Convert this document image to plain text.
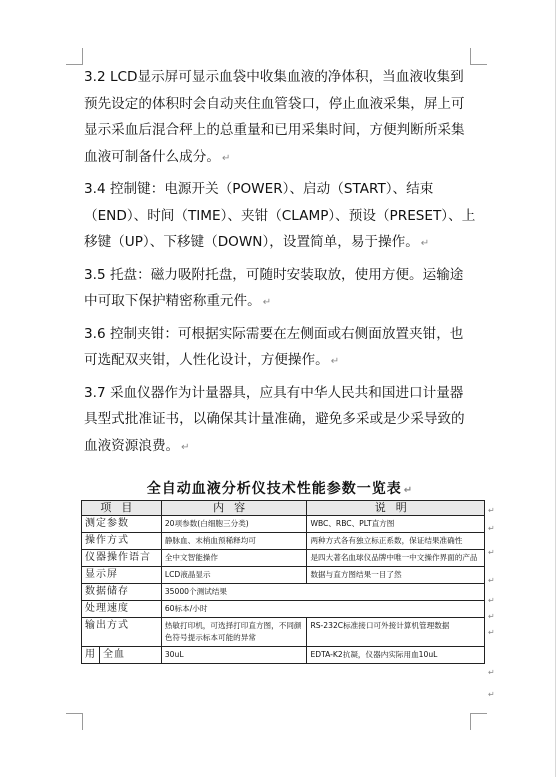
3.2 LCD显示屏可显示血袋中收集血液的净体积，当血液收集到预先设定的体积时会自动夹住血管袋口，停止血液采集，屏上可显示采血后混合秤上的总重量和已用采集时间，方便判断所采集血液可制备什么成分。 ↵

3.4 控制键：电源开关（POWER）、启动（START）、结束（END）、时间（TIME）、夹钳（CLAMP）、预设（PRESET）、上移键（UP）、下移键（DOWN），设置简单，易于操作。 ↵

3.5 托盘：磁力吸附托盘，可随时安装取放，使用方便。运输途中可取下保护精密称重元件。 ↵

3.6 控制夹钳：可根据实际需要在左侧面或右侧面放置夹钳，也可选配双夹钳，人性化设计，方便操作。 ↵

3.7 采血仪器作为计量器具，应具有中华人民共和国进口计量器具型式批准证书，以确保其计量准确，避免多采或是少采导致的血液资源浪费。 ↵

全自动血液分析仪技术性能参数一览表 ↵
项目		内容	说明
测定参数		20项参数(白细胞三分类)	WBC、RBC、PLT直方图
操作方式		静脉血、末梢血预稀释均可	两种方式各有独立标正系数，保证结果准确性
仪器操作语言		全中文智能操作	是四大著名血球仪品牌中唯一中文操作界面的产品
显示屏		LCD液晶显示	数据与直方图结果一目了然
数据储存		35000个测试结果	
处理速度		60标本/小时	
输出方式		热敏打印机，可选择打印直方图，不同颜色符号提示标本可能的异常	RS-232C标准接口可外接计算机管理数据
用	全血	30uL	EDTA-K2抗凝，仪器内实际用血10uL
↵
↵
↵
↵
↵
↵
↵
↵
↵
